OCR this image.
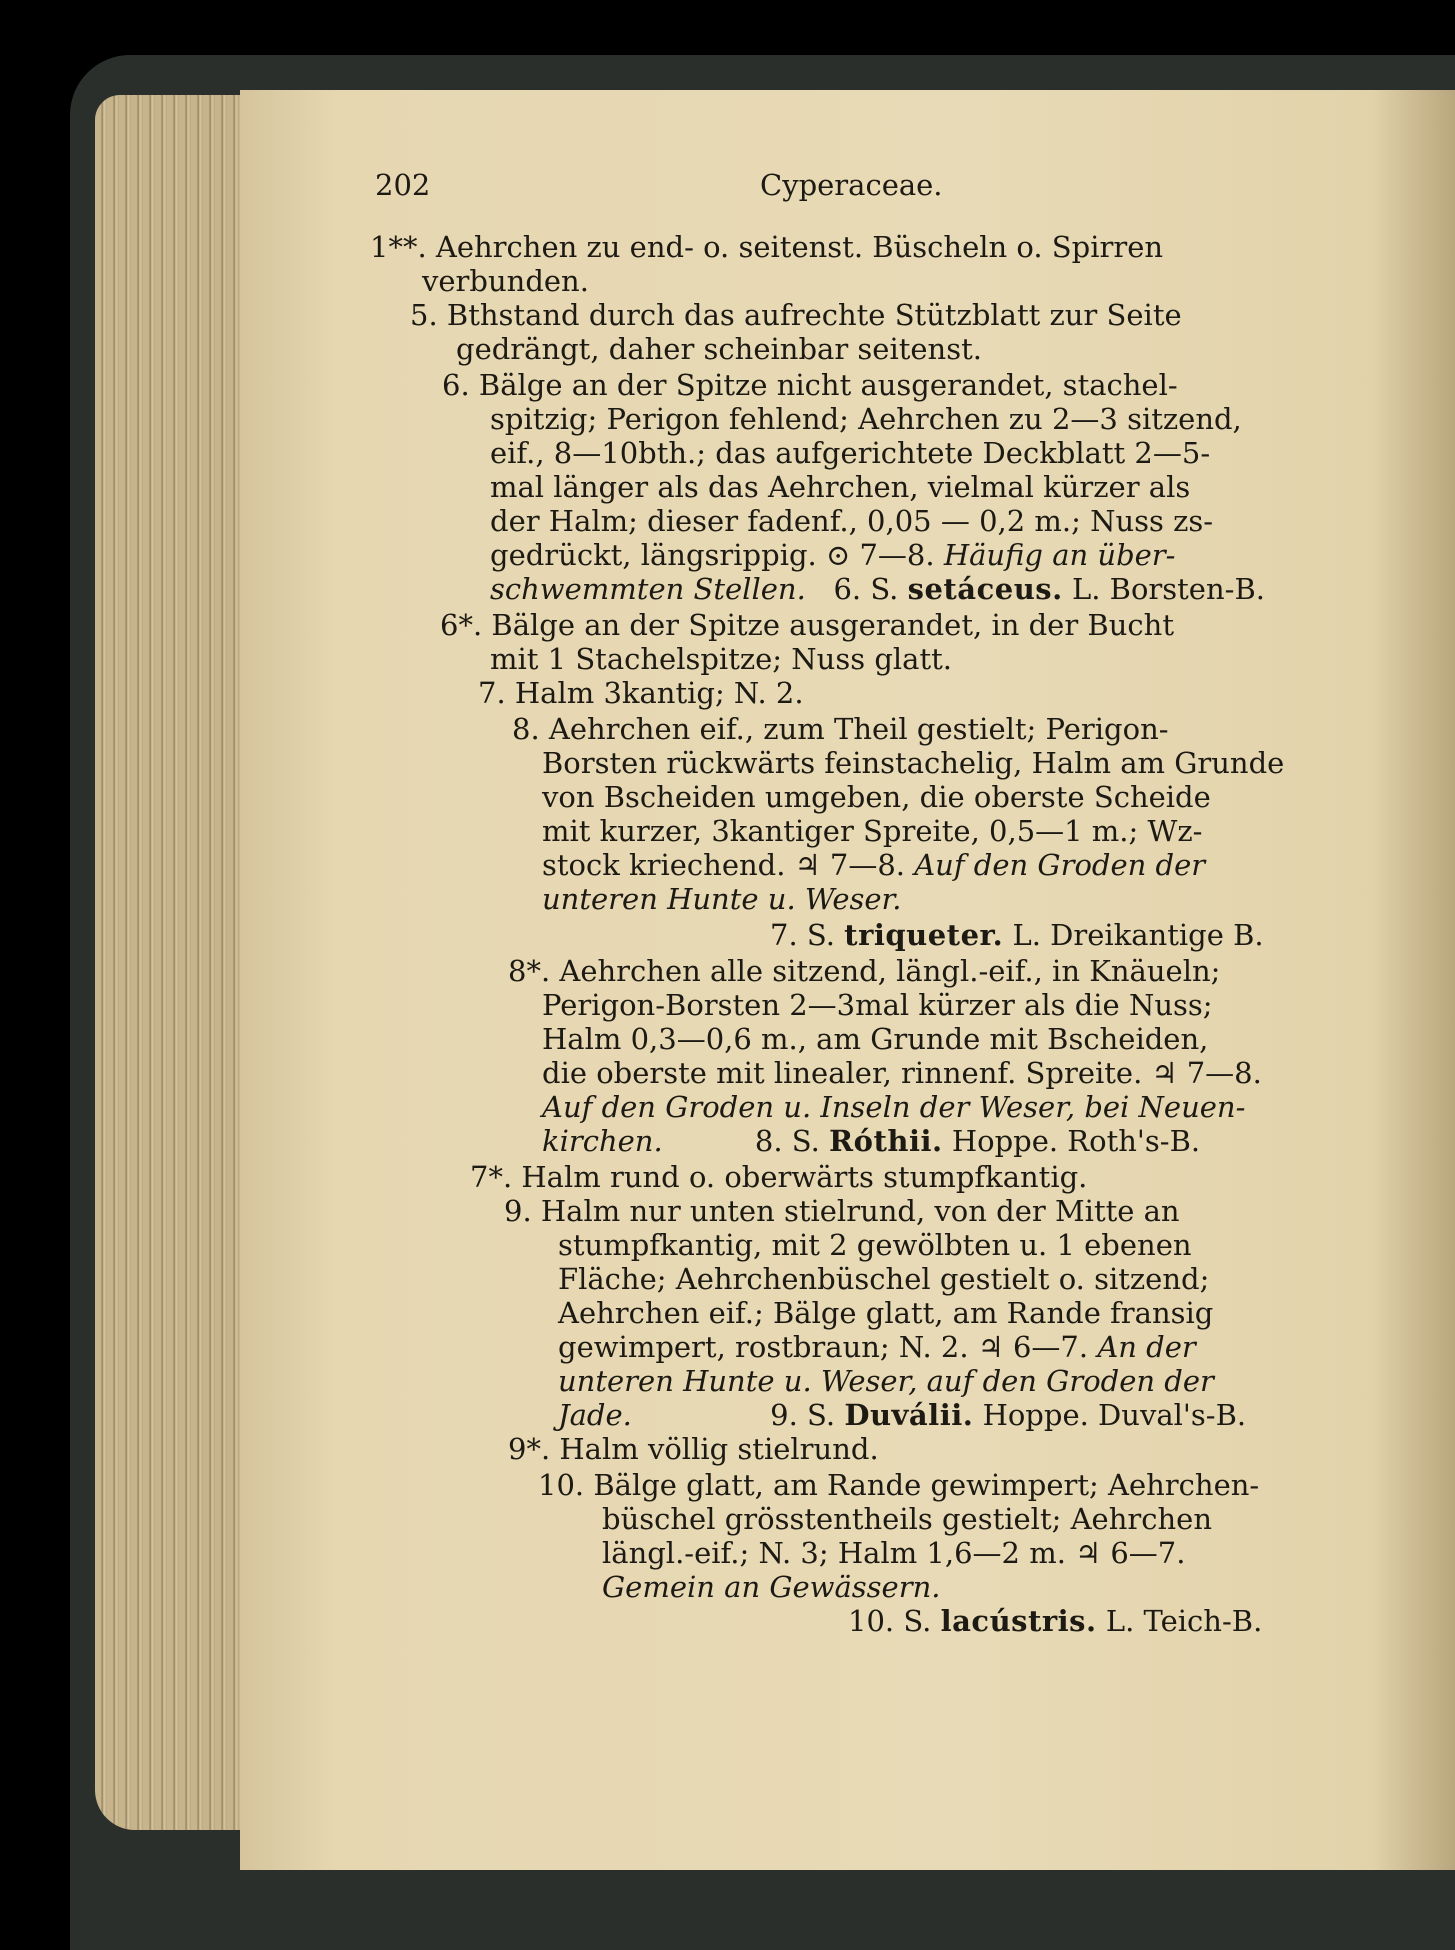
202	Cyperaceae.
1**. Aehrchen zu end- o. seitenst. Büscheln o. Spirren
verbunden.
5. Bthstand durch das aufrechte Stützblatt zur Seite
gedrängt, daher scheinbar seitenst.
6. Bälge an der Spitze nicht ausgerandet, stachel-
spitzig; Perigon fehlend; Aehrchen zu 2—3 sitzend,
eif., 8—10bth.; das aufgerichtete Deckblatt 2—5-
mal länger als das Aehrchen, vielmal kürzer als
der Halm; dieser fadenf., 0,05 — 0,2 m.; Nuss zs-
gedrückt, längsrippig. ⊙ 7—8. Häufig an über-
schwemmten Stellen. 6. S. setáceus. L. Borsten-B.
6*. Bälge an der Spitze ausgerandet, in der Bucht
mit 1 Stachelspitze; Nuss glatt.
7. Halm 3kantig; N. 2.
8. Aehrchen eif., zum Theil gestielt; Perigon-
Borsten rückwärts feinstachelig, Halm am Grunde
von Bscheiden umgeben, die oberste Scheide
mit kurzer, 3kantiger Spreite, 0,5—1 m.; Wz-
stock kriechend. ♃ 7—8. Auf den Groden der
unteren Hunte u. Weser.
7. S. triqueter. L. Dreikantige B.
8*. Aehrchen alle sitzend, längl.-eif., in Knäueln;
Perigon-Borsten 2—3mal kürzer als die Nuss;
Halm 0,3—0,6 m., am Grunde mit Bscheiden,
die oberste mit linealer, rinnenf. Spreite. ♃ 7—8.
Auf den Groden u. Inseln der Weser, bei Neuen-
kirchen.	8. S. Róthii. Hoppe. Roth's-B.
7*. Halm rund o. oberwärts stumpfkantig.
9. Halm nur unten stielrund, von der Mitte an
stumpfkantig, mit 2 gewölbten u. 1 ebenen
Fläche; Aehrchenbüschel gestielt o. sitzend;
Aehrchen eif.; Bälge glatt, am Rande fransig
gewimpert, rostbraun; N. 2. ♃ 6—7. An der
unteren Hunte u. Weser, auf den Groden der
Jade.	9. S. Duválii. Hoppe. Duval's-B.
9*. Halm völlig stielrund.
10. Bälge glatt, am Rande gewimpert; Aehrchen-
büschel grösstentheils gestielt; Aehrchen
längl.-eif.; N. 3; Halm 1,6—2 m. ♃ 6—7.
Gemein an Gewässern.
10. S. lacústris. L. Teich-B.
